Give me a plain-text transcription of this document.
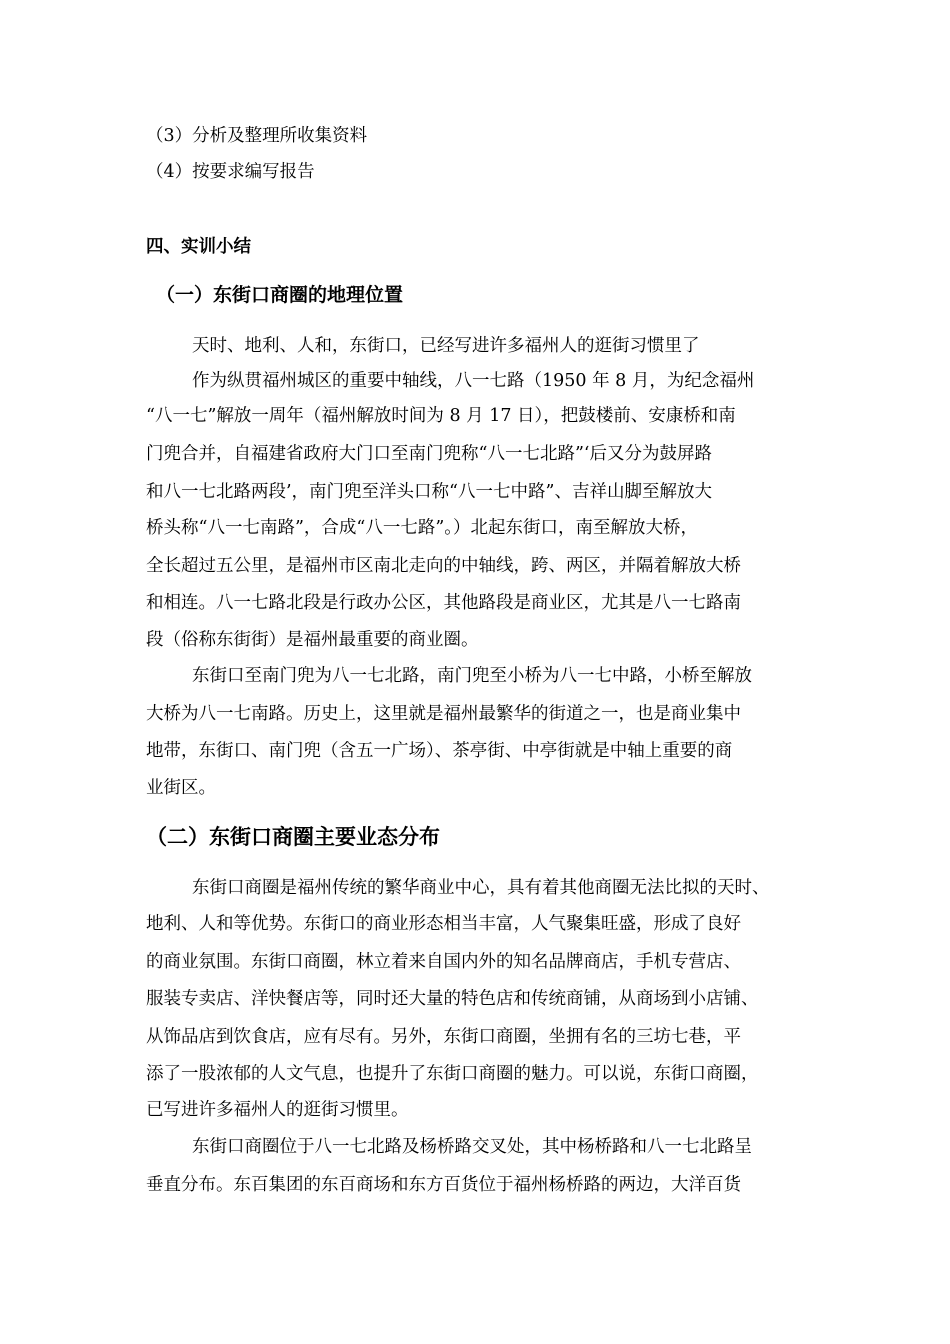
（3）分析及整理所收集资料
（4）按要求编写报告
四、实训小结
（一）东街口商圈的地理位置
天时、地利、人和，东街口，已经写进许多福州人的逛街习惯里了
作为纵贯福州城区的重要中轴线，八一七路（1950 年 8 月，为纪念福州
“八一七”解放一周年（福州解放时间为 8 月 17 日），把鼓楼前、安康桥和南
门兜合并，自福建省政府大门口至南门兜称“八一七北路”‘后又分为鼓屏路
和八一七北路两段’，南门兜至洋头口称“八一七中路”、吉祥山脚至解放大
桥头称“八一七南路”，合成“八一七路”。）北起东街口，南至解放大桥，
全长超过五公里，是福州市区南北走向的中轴线，跨、两区，并隔着解放大桥
和相连。八一七路北段是行政办公区，其他路段是商业区，尤其是八一七路南
段（俗称东街街）是福州最重要的商业圈。
东街口至南门兜为八一七北路，南门兜至小桥为八一七中路，小桥至解放
大桥为八一七南路。历史上，这里就是福州最繁华的街道之一，也是商业集中
地带，东街口、南门兜（含五一广场）、茶亭街、中亭街就是中轴上重要的商
业街区。
（二）东街口商圈主要业态分布
东街口商圈是福州传统的繁华商业中心，具有着其他商圈无法比拟的天时、
地利、人和等优势。东街口的商业形态相当丰富，人气聚集旺盛，形成了良好
的商业氛围。东街口商圈，林立着来自国内外的知名品牌商店，手机专营店、
服装专卖店、洋快餐店等，同时还大量的特色店和传统商铺，从商场到小店铺、
从饰品店到饮食店，应有尽有。另外，东街口商圈，坐拥有名的三坊七巷，平
添了一股浓郁的人文气息，也提升了东街口商圈的魅力。可以说，东街口商圈，
已写进许多福州人的逛街习惯里。
东街口商圈位于八一七北路及杨桥路交叉处，其中杨桥路和八一七北路呈
垂直分布。东百集团的东百商场和东方百货位于福州杨桥路的两边，大洋百货
